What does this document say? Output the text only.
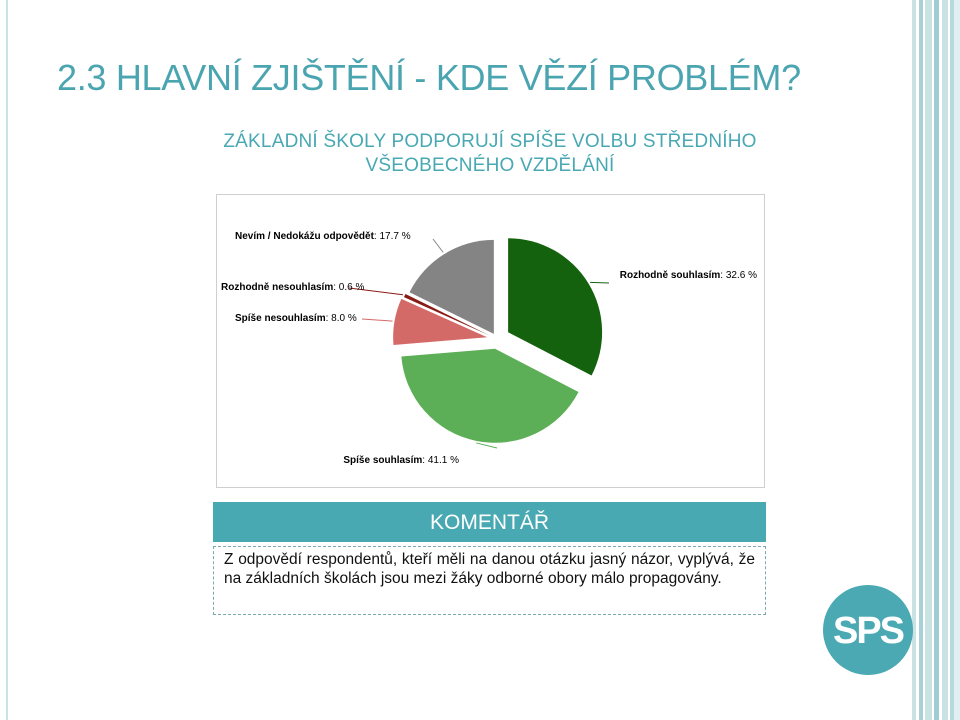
2.3 HLAVNÍ ZJIŠTĚNÍ - KDE VĚZÍ PROBLÉM?
ZÁKLADNÍ ŠKOLY PODPORUJÍ SPÍŠE VOLBU STŘEDNÍHO VŠEOBECNÉHO VZDĚLÁNÍ
Rozhodně souhlasím: 32.6 %
Spíše souhlasím: 41.1 %
Spíše nesouhlasím: 8.0 %
Rozhodně nesouhlasím: 0.6 %
Nevím / Nedokážu odpovědět: 17.7 %
KOMENTÁŘ
Z odpovědí respondentů, kteří měli na danou otázku jasný názor, vyplývá, že na základních školách jsou mezi žáky odborné obory málo propagovány.
SPS
